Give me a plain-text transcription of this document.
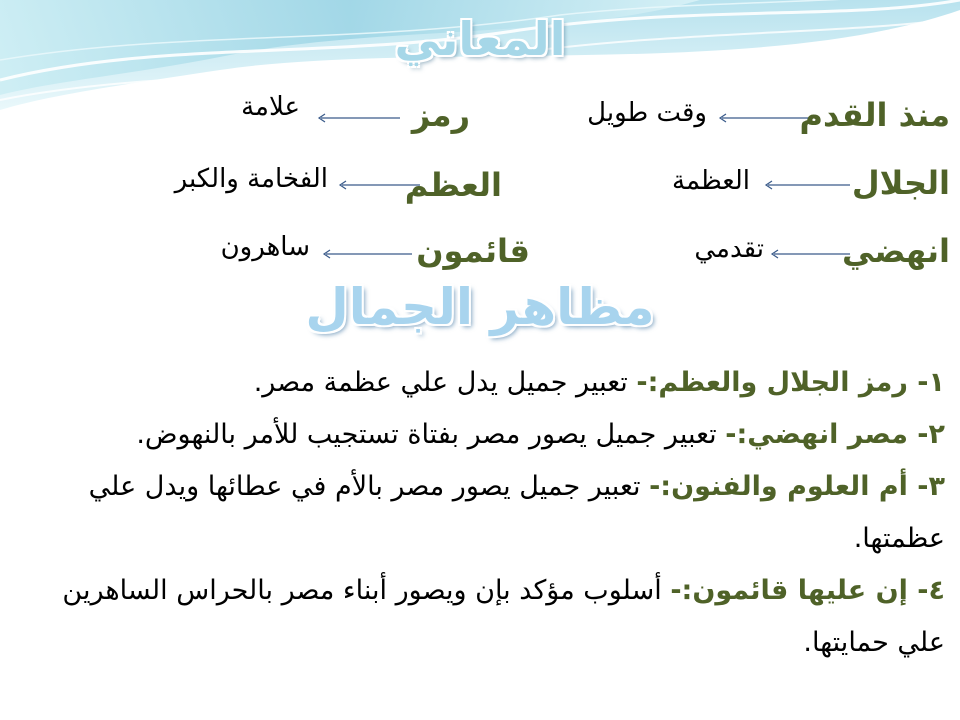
المعاني
منذ القدم
وقت طويل
رمز
علامة
الجلال
العظمة
العظم
الفخامة والكبر
انهضي
تقدمي
قائمون
ساهرون
مظاهر الجمال

١- رمز الجلال والعظم:- تعبير جميل يدل علي عظمة مصر.

٢- مصر انهضي:- تعبير جميل يصور مصر بفتاة تستجيب للأمر بالنهوض.

٣- أم العلوم والفنون:- تعبير جميل يصور مصر بالأم في عطائها ويدل علي عظمتها.

٤- إن عليها قائمون:- أسلوب مؤكد بإن ويصور أبناء مصر بالحراس الساهرين علي حمايتها.
